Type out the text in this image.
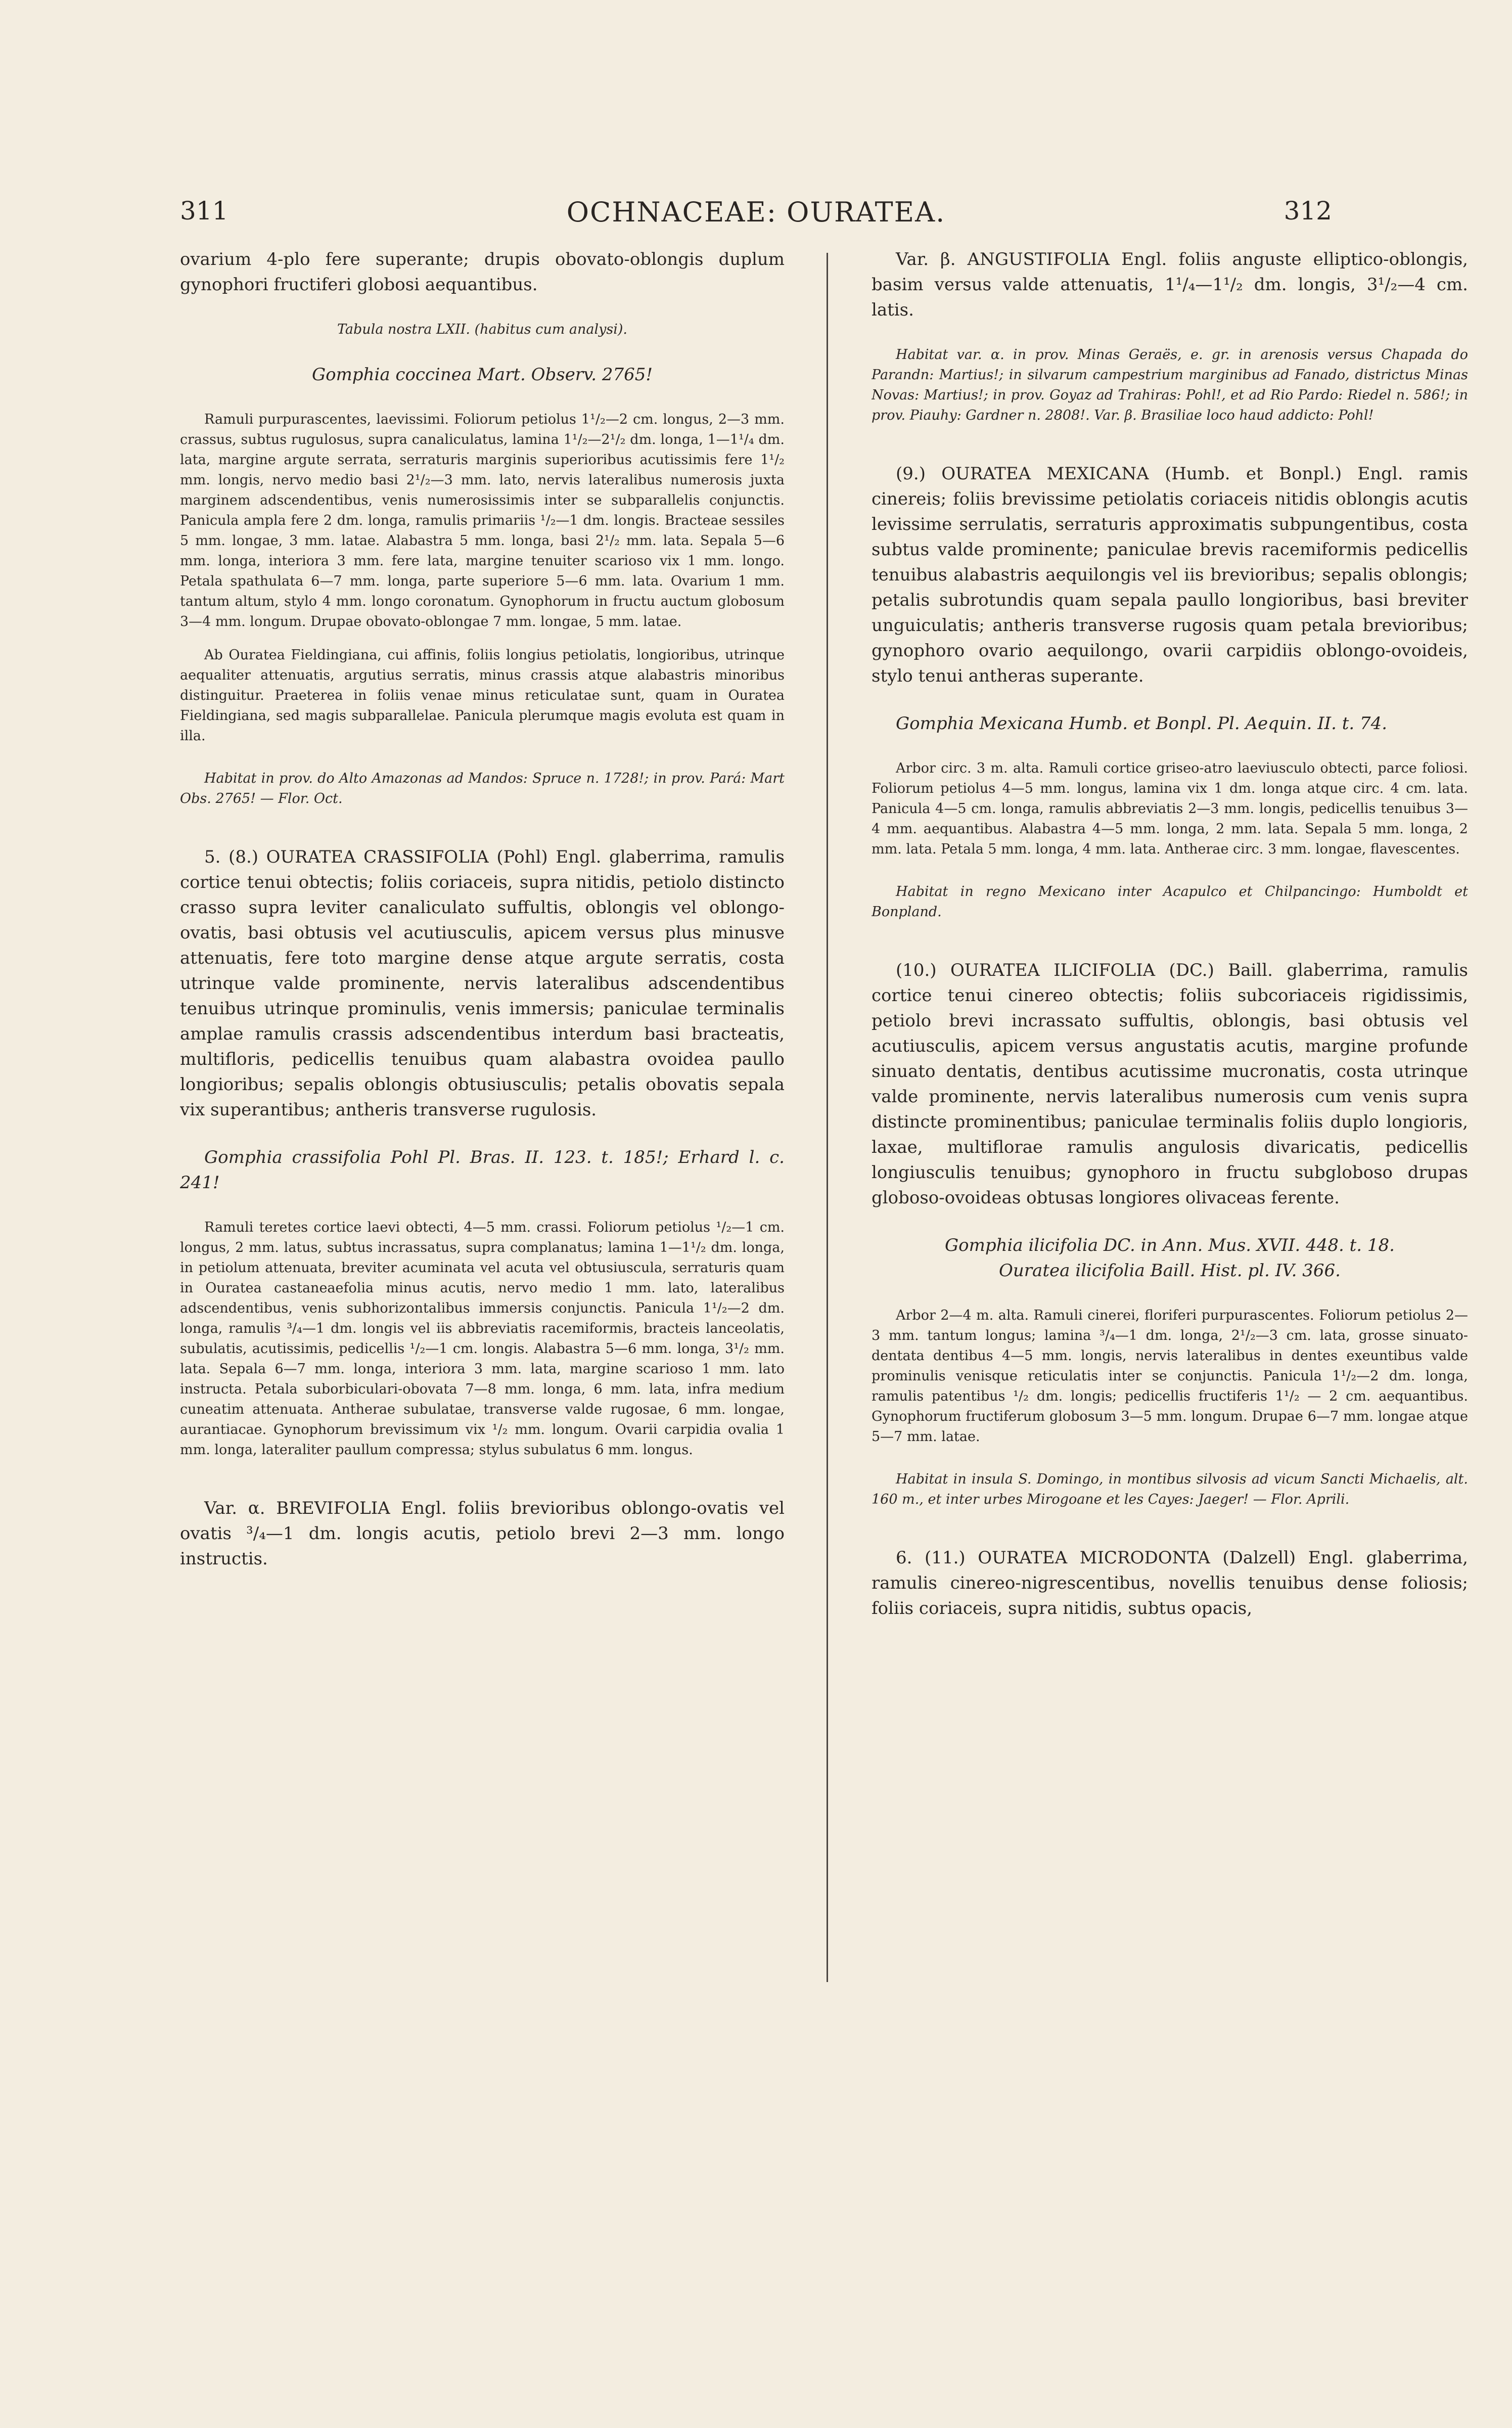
311	OCHNACEAE: OURATEA.	312

ovarium 4-plo fere superante; drupis obovato-oblongis duplum gynophori fructiferi globosi aequantibus.

Tabula nostra LXII. (habitus cum analysi).

Gomphia coccinea Mart. Observ. 2765!

Ramuli purpurascentes, laevissimi. Foliorum petiolus 1¹/₂—2 cm. longus, 2—3 mm. crassus, subtus rugulosus, supra canaliculatus, lamina 1¹/₂—2¹/₂ dm. longa, 1—1¹/₄ dm. lata, margine argute serrata, serraturis marginis superioribus acutissimis fere 1¹/₂ mm. longis, nervo medio basi 2¹/₂—3 mm. lato, nervis lateralibus numerosis juxta marginem adscendentibus, venis numerosissimis inter se subparallelis conjunctis. Panicula ampla fere 2 dm. longa, ramulis primariis ¹/₂—1 dm. longis. Bracteae sessiles 5 mm. longae, 3 mm. latae. Alabastra 5 mm. longa, basi 2¹/₂ mm. lata. Sepala 5—6 mm. longa, interiora 3 mm. fere lata, margine tenuiter scarioso vix 1 mm. longo. Petala spathulata 6—7 mm. longa, parte superiore 5—6 mm. lata. Ovarium 1 mm. tantum altum, stylo 4 mm. longo coronatum. Gynophorum in fructu auctum globosum 3—4 mm. longum. Drupae obovato-oblongae 7 mm. longae, 5 mm. latae.

Ab Ouratea Fieldingiana, cui affinis, foliis longius petiolatis, longioribus, utrinque aequaliter attenuatis, argutius serratis, minus crassis atque alabastris minoribus distinguitur. Praeterea in foliis venae minus reticulatae sunt, quam in Ouratea Fieldingiana, sed magis subparallelae. Panicula plerumque magis evoluta est quam in illa.

Habitat in prov. do Alto Amazonas ad Mandos: Spruce n. 1728!; in prov. Pará: Mart Obs. 2765! — Flor. Oct.

5. (8.) OURATEA CRASSIFOLIA (Pohl) Engl. glaberrima, ramulis cortice tenui obtectis; foliis coriaceis, supra nitidis, petiolo distincto crasso supra leviter canaliculato suffultis, oblongis vel oblongo-ovatis, basi obtusis vel acutiusculis, apicem versus plus minusve attenuatis, fere toto margine dense atque argute serratis, costa utrinque valde prominente, nervis lateralibus adscendentibus tenuibus utrinque prominulis, venis immersis; paniculae terminalis amplae ramulis crassis adscendentibus interdum basi bracteatis, multifloris, pedicellis tenuibus quam alabastra ovoidea paullo longioribus; sepalis oblongis obtusiusculis; petalis obovatis sepala vix superantibus; antheris transverse rugulosis.

Gomphia crassifolia Pohl Pl. Bras. II. 123. t. 185!; Erhard l. c. 241!

Ramuli teretes cortice laevi obtecti, 4—5 mm. crassi. Foliorum petiolus ¹/₂—1 cm. longus, 2 mm. latus, subtus incrassatus, supra complanatus; lamina 1—1¹/₂ dm. longa, in petiolum attenuata, breviter acuminata vel acuta vel obtusiuscula, serraturis quam in Ouratea castaneaefolia minus acutis, nervo medio 1 mm. lato, lateralibus adscendentibus, venis subhorizontalibus immersis conjunctis. Panicula 1¹/₂—2 dm. longa, ramulis ³/₄—1 dm. longis vel iis abbreviatis racemiformis, bracteis lanceolatis, subulatis, acutissimis, pedicellis ¹/₂—1 cm. longis. Alabastra 5—6 mm. longa, 3¹/₂ mm. lata. Sepala 6—7 mm. longa, interiora 3 mm. lata, margine scarioso 1 mm. lato instructa. Petala suborbiculari-obovata 7—8 mm. longa, 6 mm. lata, infra medium cuneatim attenuata. Antherae subulatae, transverse valde rugosae, 6 mm. longae, aurantiacae. Gynophorum brevissimum vix ¹/₂ mm. longum. Ovarii carpidia ovalia 1 mm. longa, lateraliter paullum compressa; stylus subulatus 6 mm. longus.

Var. α. BREVIFOLIA Engl. foliis brevioribus oblongo-ovatis vel ovatis ³/₄—1 dm. longis acutis, petiolo brevi 2—3 mm. longo instructis.

Var. β. ANGUSTIFOLIA Engl. foliis anguste elliptico-oblongis, basim versus valde attenuatis, 1¹/₄—1¹/₂ dm. longis, 3¹/₂—4 cm. latis.

Habitat var. α. in prov. Minas Geraës, e. gr. in arenosis versus Chapada do Parandn: Martius!; in silvarum campestrium marginibus ad Fanado, districtus Minas Novas: Martius!; in prov. Goyaz ad Trahiras: Pohl!, et ad Rio Pardo: Riedel n. 586!; in prov. Piauhy: Gardner n. 2808!. Var. β. Brasiliae loco haud addicto: Pohl!

(9.) OURATEA MEXICANA (Humb. et Bonpl.) Engl. ramis cinereis; foliis brevissime petiolatis coriaceis nitidis oblongis acutis levissime serrulatis, serraturis approximatis subpungentibus, costa subtus valde prominente; paniculae brevis racemiformis pedicellis tenuibus alabastris aequilongis vel iis brevioribus; sepalis oblongis; petalis subrotundis quam sepala paullo longioribus, basi breviter unguiculatis; antheris transverse rugosis quam petala brevioribus; gynophoro ovario aequilongo, ovarii carpidiis oblongo-ovoideis, stylo tenui antheras superante.

Gomphia Mexicana Humb. et Bonpl. Pl. Aequin. II. t. 74.

Arbor circ. 3 m. alta. Ramuli cortice griseo-atro laeviusculo obtecti, parce foliosi. Foliorum petiolus 4—5 mm. longus, lamina vix 1 dm. longa atque circ. 4 cm. lata. Panicula 4—5 cm. longa, ramulis abbreviatis 2—3 mm. longis, pedicellis tenuibus 3—4 mm. aequantibus. Alabastra 4—5 mm. longa, 2 mm. lata. Sepala 5 mm. longa, 2 mm. lata. Petala 5 mm. longa, 4 mm. lata. Antherae circ. 3 mm. longae, flavescentes.

Habitat in regno Mexicano inter Acapulco et Chilpancingo: Humboldt et Bonpland.

(10.) OURATEA ILICIFOLIA (DC.) Baill. glaberrima, ramulis cortice tenui cinereo obtectis; foliis subcoriaceis rigidissimis, petiolo brevi incrassato suffultis, oblongis, basi obtusis vel acutiusculis, apicem versus angustatis acutis, margine profunde sinuato dentatis, dentibus acutissime mucronatis, costa utrinque valde prominente, nervis lateralibus numerosis cum venis supra distincte prominentibus; paniculae terminalis foliis duplo longioris, laxae, multiflorae ramulis angulosis divaricatis, pedicellis longiusculis tenuibus; gynophoro in fructu subgloboso drupas globoso-ovoideas obtusas longiores olivaceas ferente.

Gomphia ilicifolia DC. in Ann. Mus. XVII. 448. t. 18.

Ouratea ilicifolia Baill. Hist. pl. IV. 366.

Arbor 2—4 m. alta. Ramuli cinerei, floriferi purpurascentes. Foliorum petiolus 2—3 mm. tantum longus; lamina ³/₄—1 dm. longa, 2¹/₂—3 cm. lata, grosse sinuato-dentata dentibus 4—5 mm. longis, nervis lateralibus in dentes exeuntibus valde prominulis venisque reticulatis inter se conjunctis. Panicula 1¹/₂—2 dm. longa, ramulis patentibus ¹/₂ dm. longis; pedicellis fructiferis 1¹/₂ — 2 cm. aequantibus. Gynophorum fructiferum globosum 3—5 mm. longum. Drupae 6—7 mm. longae atque 5—7 mm. latae.

Habitat in insula S. Domingo, in montibus silvosis ad vicum Sancti Michaelis, alt. 160 m., et inter urbes Mirogoane et les Cayes: Jaeger! — Flor. Aprili.

6. (11.) OURATEA MICRODONTA (Dalzell) Engl. glaberrima, ramulis cinereo-nigrescentibus, novellis tenuibus dense foliosis; foliis coriaceis, supra nitidis, subtus opacis,
